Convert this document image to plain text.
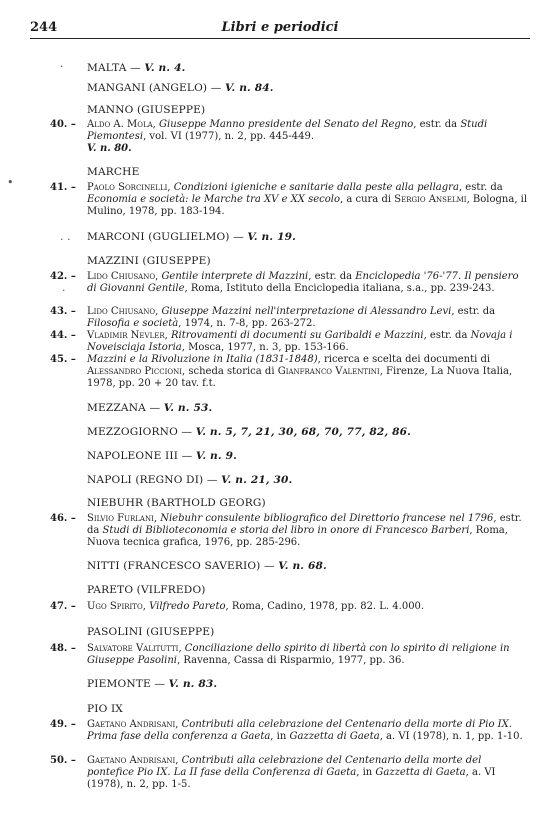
244	Libri e periodici
·
•
. .
·
MALTA — V. n. 4.
MANGANI (ANGELO) — V. n. 84.
MANNO (GIUSEPPE)
40. – Aldo A. Mola, Giuseppe Manno presidente del Senato del Regno, estr. da Studi Piemontesi, vol. VI (1977), n. 2, pp. 445-449.
V. n. 80.
MARCHE
41. – Paolo Sorcinelli, Condizioni igieniche e sanitarie dalla peste alla pellagra, estr. da Economia e società: le Marche tra XV e XX secolo, a cura di Sergio Anselmi, Bologna, il Mulino, 1978, pp. 183-194.
MARCONI (GUGLIELMO) — V. n. 19.
MAZZINI (GIUSEPPE)
42. – Lido Chiusano, Gentile interprete di Mazzini, estr. da Enciclopedia '76-'77. Il pensiero di Giovanni Gentile, Roma, Istituto della Enciclopedia italiana, s.a., pp. 239-243.
43. – Lido Chiusano, Giuseppe Mazzini nell'interpretazione di Alessandro Levi, estr. da Filosofia e società, 1974, n. 7-8, pp. 263-272.
44. – Vladimir Nevler, Ritrovamenti di documenti su Garibaldi e Mazzini, estr. da Novaja i Noveisciaja Istoria, Mosca, 1977, n. 3, pp. 153-166.
45. – Mazzini e la Rivoluzione in Italia (1831-1848), ricerca e scelta dei documenti di Alessandro Piccioni, scheda storica di Gianfranco Valentini, Firenze, La Nuova Italia, 1978, pp. 20 + 20 tav. f.t.
MEZZANA — V. n. 53.
MEZZOGIORNO — V. n. 5, 7, 21, 30, 68, 70, 77, 82, 86.
NAPOLEONE III — V. n. 9.
NAPOLI (REGNO DI) — V. n. 21, 30.
NIEBUHR (BARTHOLD GEORG)
46. – Silvio Furlani, Niebuhr consulente bibliografico del Direttorio francese nel 1796, estr. da Studi di Biblioteconomia e storia del libro in onore di Francesco Barberi, Roma, Nuova tecnica grafica, 1976, pp. 285-296.
NITTI (FRANCESCO SAVERIO) — V. n. 68.
PARETO (VILFREDO)
47. – Ugo Spirito, Vilfredo Pareto, Roma, Cadino, 1978, pp. 82. L. 4.000.
PASOLINI (GIUSEPPE)
48. – Salvatore Valitutti, Conciliazione dello spirito di libertà con lo spirito di religione in Giuseppe Pasolini, Ravenna, Cassa di Risparmio, 1977, pp. 36.
PIEMONTE — V. n. 83.
PIO IX
49. – Gaetano Andrisani, Contributi alla celebrazione del Centenario della morte di Pio IX. Prima fase della conferenza a Gaeta, in Gazzetta di Gaeta, a. VI (1978), n. 1, pp. 1-10.
50. – Gaetano Andrisani, Contributi alla celebrazione del Centenario della morte del pontefice Pio IX. La II fase della Conferenza di Gaeta, in Gazzetta di Gaeta, a. VI (1978), n. 2, pp. 1-5.
